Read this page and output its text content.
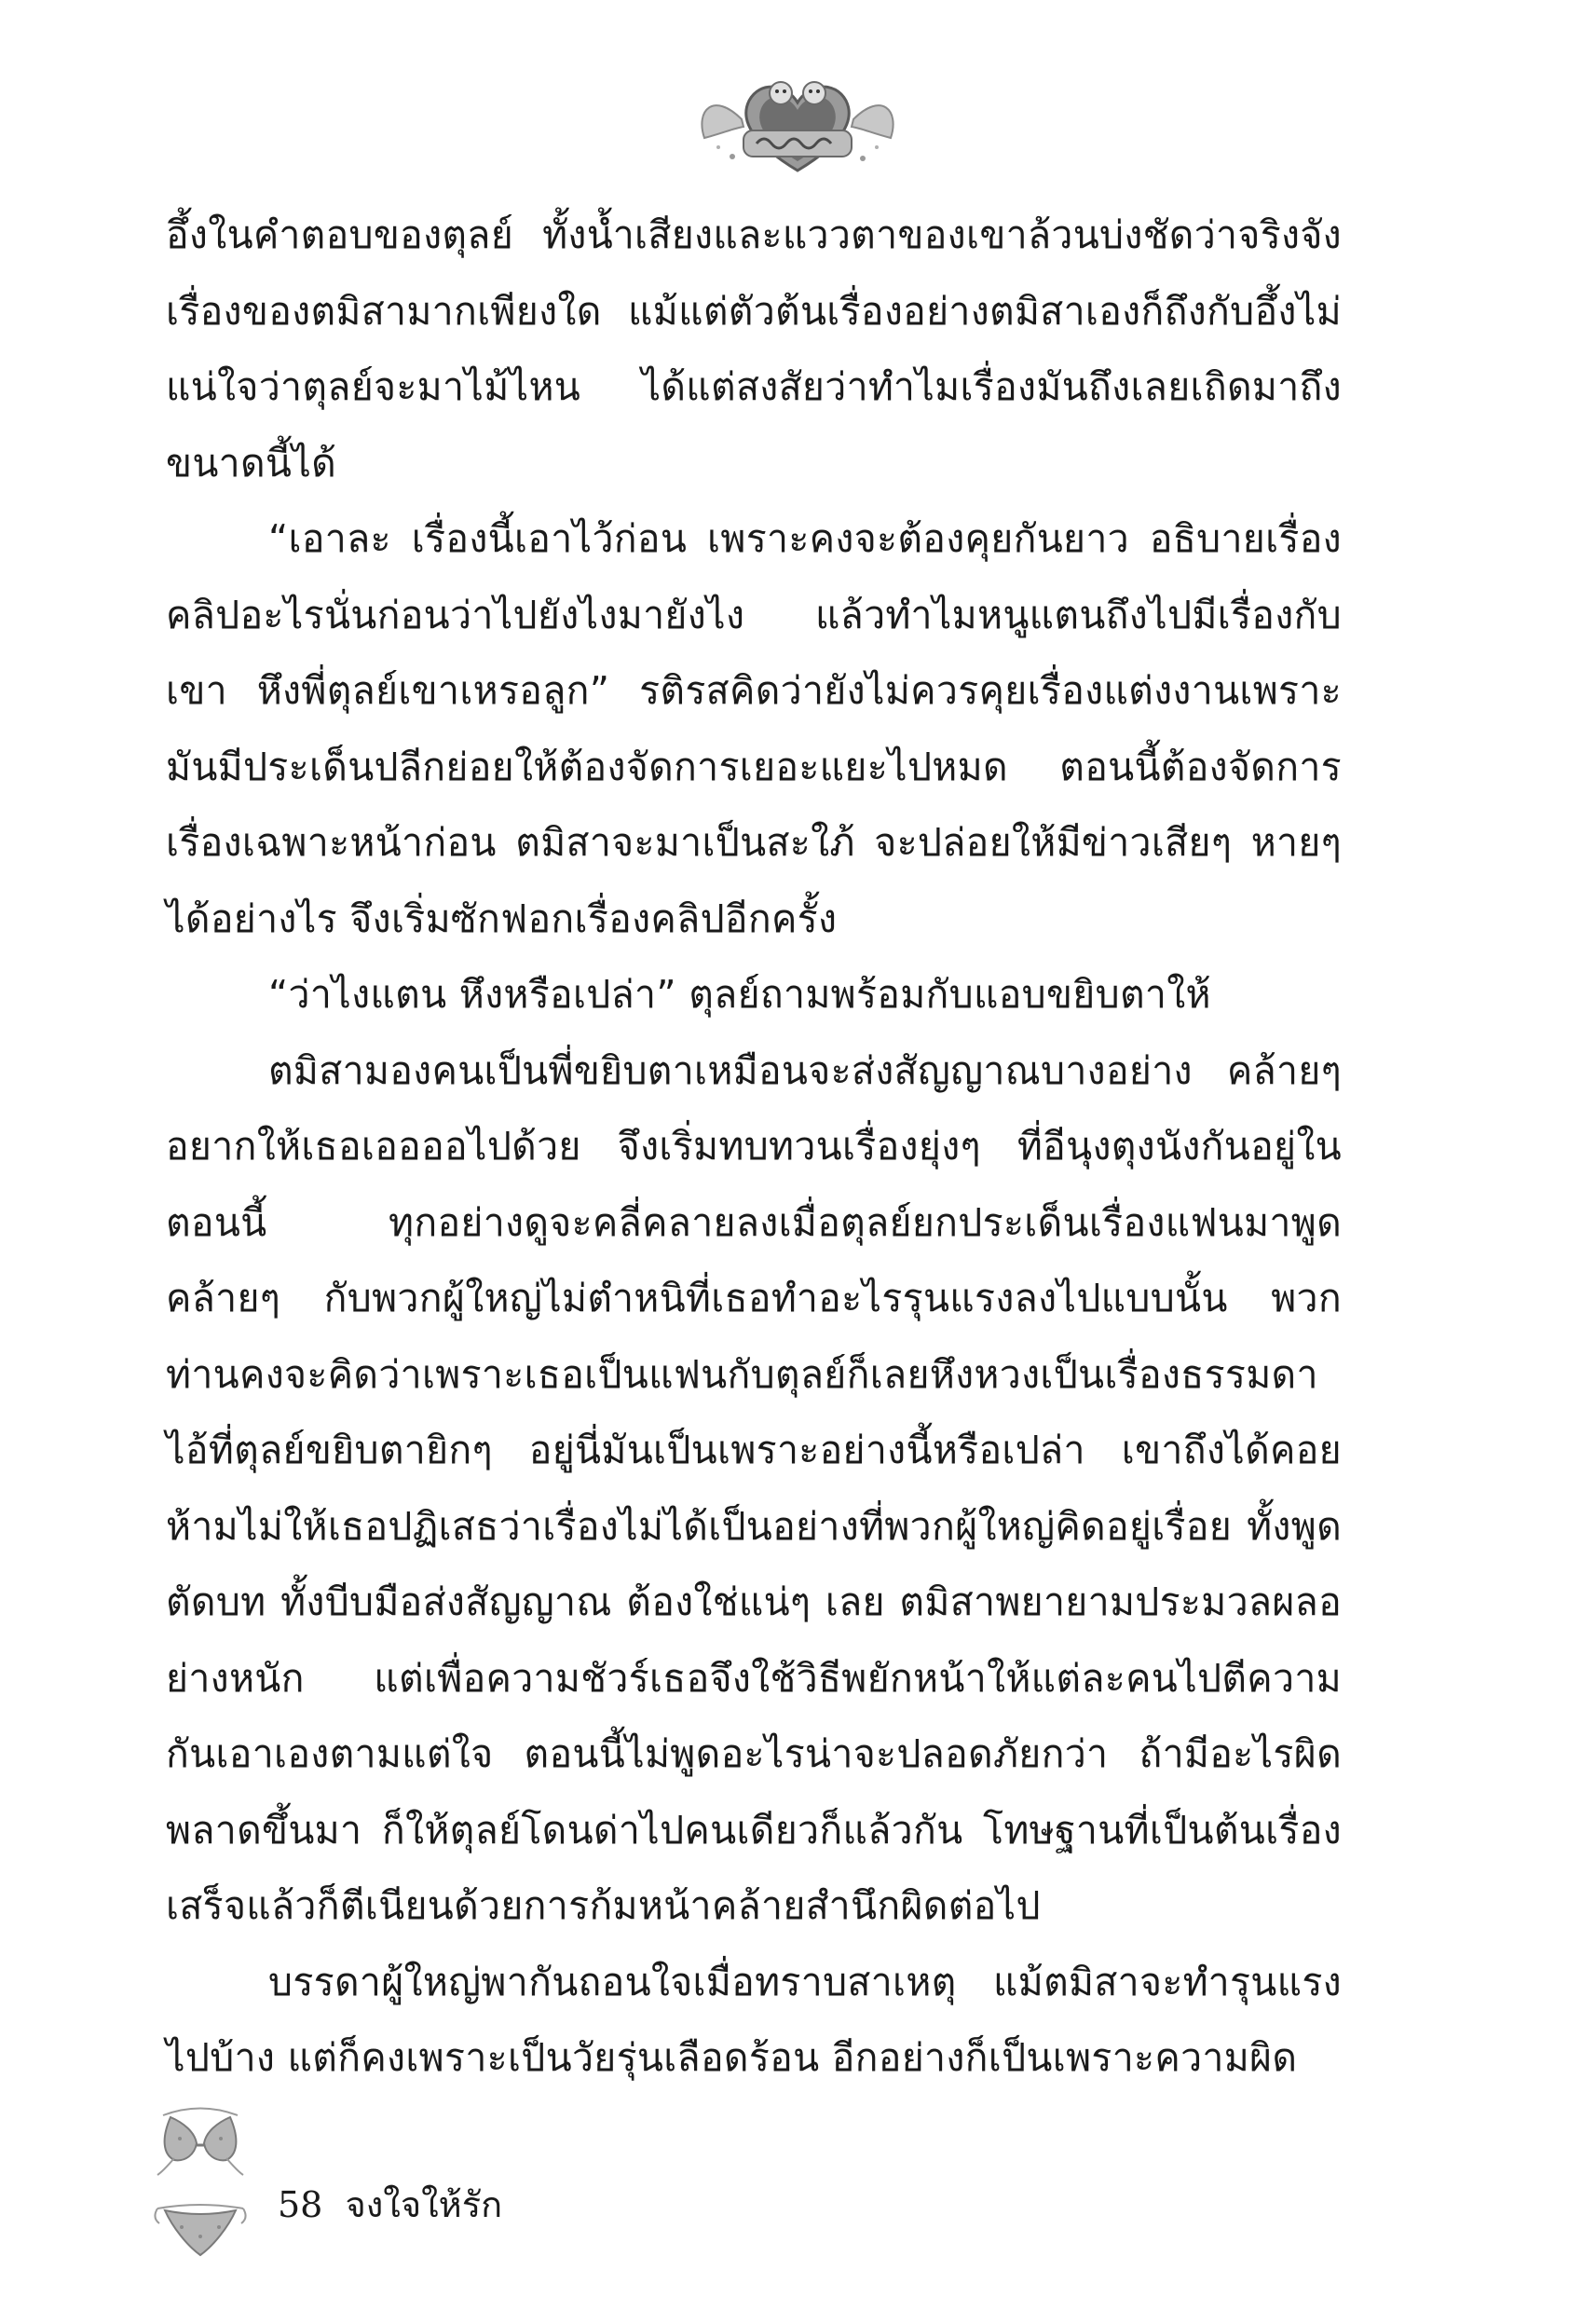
อึ้งในคำตอบของตุลย์ ทั้งน้ำเสียงและแววตาของเขาล้วนบ่งชัดว่าจริงจังเรื่องของตมิสามากเพียงใด แม้แต่ตัวต้นเรื่องอย่างตมิสาเองก็ถึงกับอึ้งไม่แน่ใจว่าตุลย์จะมาไม้ไหน ได้แต่สงสัยว่าทำไมเรื่องมันถึงเลยเถิดมาถึงขนาดนี้ได้

“เอาละ เรื่องนี้เอาไว้ก่อน เพราะคงจะต้องคุยกันยาว อธิบายเรื่องคลิปอะไรนั่นก่อนว่าไปยังไงมายังไง แล้วทำไมหนูแตนถึงไปมีเรื่องกับเขา หึงพี่ตุลย์เขาเหรอลูก” รติรสคิดว่ายังไม่ควรคุยเรื่องแต่งงานเพราะมันมีประเด็นปลีกย่อยให้ต้องจัดการเยอะแยะไปหมด ตอนนี้ต้องจัดการเรื่องเฉพาะหน้าก่อน ตมิสาจะมาเป็นสะใภ้ จะปล่อยให้มีข่าวเสียๆ หายๆ ได้อย่างไร จึงเริ่มซักฟอกเรื่องคลิปอีกครั้ง

“ว่าไงแตน หึงหรือเปล่า” ตุลย์ถามพร้อมกับแอบขยิบตาให้

ตมิสามองคนเป็นพี่ขยิบตาเหมือนจะส่งสัญญาณบางอย่าง คล้ายๆ อยากให้เธอเออออไปด้วย จึงเริ่มทบทวนเรื่องยุ่งๆ ที่อีนุงตุงนังกันอยู่ในตอนนี้ ทุกอย่างดูจะคลี่คลายลงเมื่อตุลย์ยกประเด็นเรื่องแฟนมาพูด คล้ายๆ กับพวกผู้ใหญ่ไม่ตำหนิที่เธอทำอะไรรุนแรงลงไปแบบนั้น พวกท่านคงจะคิดว่าเพราะเธอเป็นแฟนกับตุลย์ก็เลยหึงหวงเป็นเรื่องธรรมดา ไอ้ที่ตุลย์ขยิบตายิกๆ อยู่นี่มันเป็นเพราะอย่างนี้หรือเปล่า เขาถึงได้คอยห้ามไม่ให้เธอปฏิเสธว่าเรื่องไม่ได้เป็นอย่างที่พวกผู้ใหญ่คิดอยู่เรื่อย ทั้งพูดตัดบท ทั้งบีบมือส่งสัญญาณ ต้องใช่แน่ๆ เลย ตมิสาพยายามประมวลผลอย่างหนัก แต่เพื่อความชัวร์เธอจึงใช้วิธีพยักหน้าให้แต่ละคนไปตีความกันเอาเองตามแต่ใจ ตอนนี้ไม่พูดอะไรน่าจะปลอดภัยกว่า ถ้ามีอะไรผิดพลาดขึ้นมา ก็ให้ตุลย์โดนด่าไปคนเดียวก็แล้วกัน โทษฐานที่เป็นต้นเรื่อง เสร็จแล้วก็ตีเนียนด้วยการก้มหน้าคล้ายสำนึกผิดต่อไป

บรรดาผู้ใหญ่พากันถอนใจเมื่อทราบสาเหตุ แม้ตมิสาจะทำรุนแรงไปบ้าง แต่ก็คงเพราะเป็นวัยรุ่นเลือดร้อน อีกอย่างก็เป็นเพราะความผิด

58 จงใจให้รัก
